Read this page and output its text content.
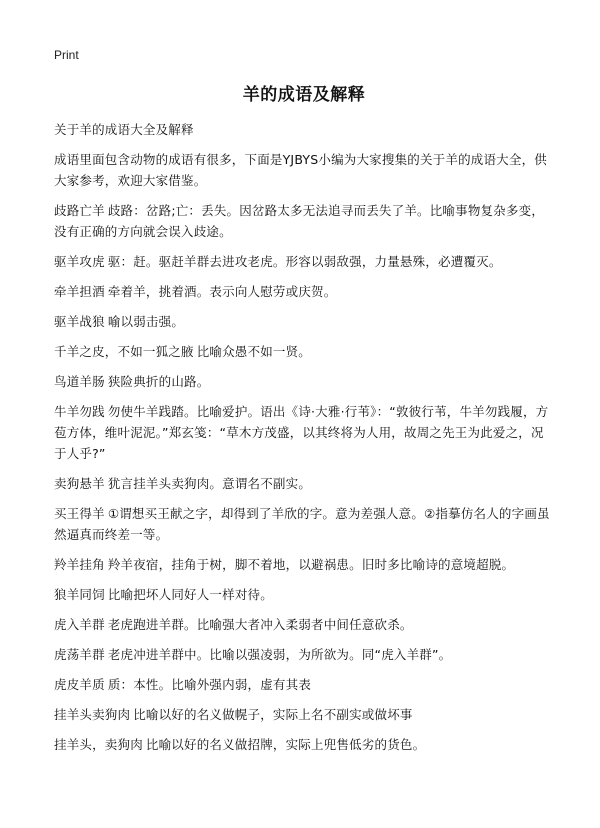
Print
羊的成语及解释

关于羊的成语大全及解释

成语里面包含动物的成语有很多，下面是YJBYS小编为大家搜集的关于羊的成语大全，供大家参考，欢迎大家借鉴。

歧路亡羊 歧路：岔路;亡：丢失。因岔路太多无法追寻而丢失了羊。比喻事物复杂多变，没有正确的方向就会误入歧途。

驱羊攻虎 驱：赶。驱赶羊群去进攻老虎。形容以弱敌强，力量悬殊，必遭覆灭。

牵羊担酒 牵着羊，挑着酒。表示向人慰劳或庆贺。

驱羊战狼 喻以弱击强。

千羊之皮，不如一狐之腋 比喻众愚不如一贤。

鸟道羊肠 狭险典折的山路。

牛羊勿践 勿使牛羊践踏。比喻爱护。语出《诗·大雅·行苇》：“敦彼行苇，牛羊勿践履，方苞方体，维叶泥泥。”郑玄笺：“草木方茂盛，以其终将为人用，故周之先王为此爱之，况于人乎?”

卖狗悬羊 犹言挂羊头卖狗肉。意谓名不副实。

买王得羊 ①谓想买王献之字，却得到了羊欣的字。意为差强人意。②指摹仿名人的字画虽然逼真而终差一等。

羚羊挂角 羚羊夜宿，挂角于树，脚不着地，以避祸患。旧时多比喻诗的意境超脱。

狼羊同饲 比喻把坏人同好人一样对待。

虎入羊群 老虎跑进羊群。比喻强大者冲入柔弱者中间任意砍杀。

虎荡羊群 老虎冲进羊群中。比喻以强凌弱，为所欲为。同“虎入羊群”。

虎皮羊质 质：本性。比喻外强内弱，虚有其表

挂羊头卖狗肉 比喻以好的名义做幌子，实际上名不副实或做坏事

挂羊头，卖狗肉 比喻以好的名义做招牌，实际上兜售低劣的货色。
